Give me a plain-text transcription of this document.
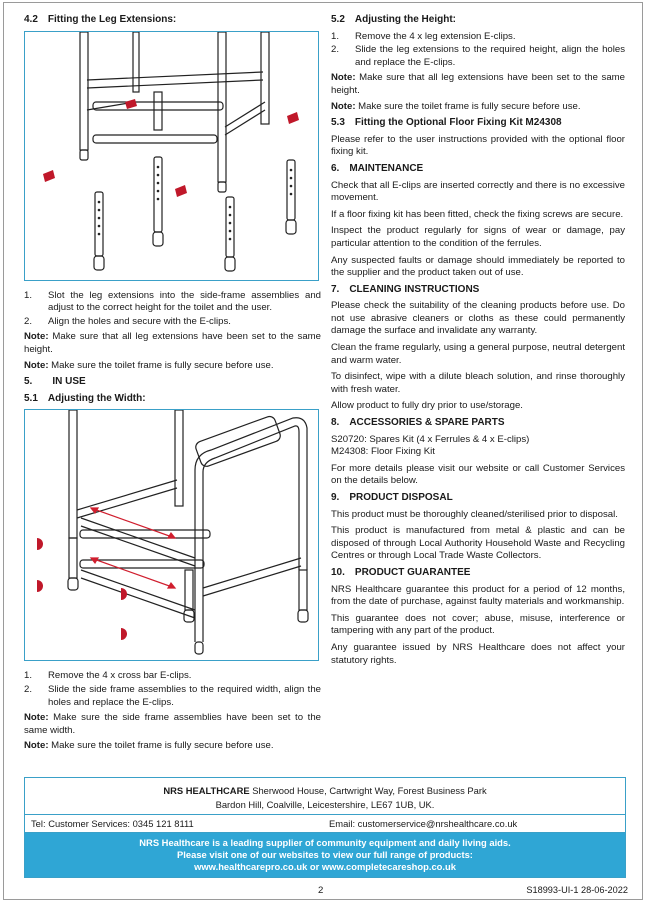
4.2 Fitting the Leg Extensions:
1.	Slot the leg extensions into the side-frame assemblies and adjust to the correct height for the toilet and the user.
2.	Align the holes and secure with the E-clips.
Note: Make sure that all leg extensions have been set to the same height.
Note: Make sure the toilet frame is fully secure before use.
5.  IN USE
5.1 Adjusting the Width:
1.	Remove the 4 x cross bar E-clips.
2.	Slide the side frame assemblies to the required width, align the holes and replace the E-clips.
Note: Make sure the side frame assemblies have been set to the same width.
Note: Make sure the toilet frame is fully secure before use.
5.2 Adjusting the Height:
1.	Remove the 4 x leg extension E-clips.
2.	Slide the leg extensions to the required height, align the holes and replace the E-clips.
Note: Make sure that all leg extensions have been set to the same height.
Note: Make sure the toilet frame is fully secure before use.
5.3 Fitting the Optional Floor Fixing Kit M24308

Please refer to the user instructions provided with the optional floor fixing kit.

6. MAINTENANCE

Check that all E-clips are inserted correctly and there is no excessive movement.

If a floor fixing kit has been fitted, check the fixing screws are secure.

Inspect the product regularly for signs of wear or damage, pay particular attention to the condition of the ferrules.

Any suspected faults or damage should immediately be reported to the supplier and the product taken out of use.

7. CLEANING INSTRUCTIONS

Please check the suitability of the cleaning products before use. Do not use abrasive cleaners or cloths as these could permanently damage the surface and invalidate any warranty.

Clean the frame regularly, using a general purpose, neutral detergent and warm water.

To disinfect, wipe with a dilute bleach solution, and rinse thoroughly with fresh water.

Allow product to fully dry prior to use/storage.

8. ACCESSORIES & SPARE PARTS

S20720: Spares Kit (4 x Ferrules & 4 x E-clips)

M24308: Floor Fixing Kit

For more details please visit our website or call Customer Services on the details below.

9. PRODUCT DISPOSAL

This product must be thoroughly cleaned/sterilised prior to disposal.

This product is manufactured from metal & plastic and can be disposed of through Local Authority Household Waste and Recycling Centres or through Local Trade Waste Collectors.

10. PRODUCT GUARANTEE

NRS Healthcare guarantee this product for a period of 12 months, from the date of purchase, against faulty materials and workmanship.

This guarantee does not cover; abuse, misuse, interference or tampering with any part of the product.

Any guarantee issued by NRS Healthcare does not affect your statutory rights.

NRS HEALTHCARE Sherwood House, Cartwright Way, Forest Business Park
Bardon Hill, Coalville, Leicestershire, LE67 1UB, UK.
Tel: Customer Services: 0345 121 8111	Email: customerservice@nrshealthcare.co.uk
NRS Healthcare is a leading supplier of community equipment and daily living aids.
Please visit one of our websites to view our full range of products:
www.healthcarepro.co.uk or www.completecareshop.co.uk
2	S18993-UI-1 28-06-2022
